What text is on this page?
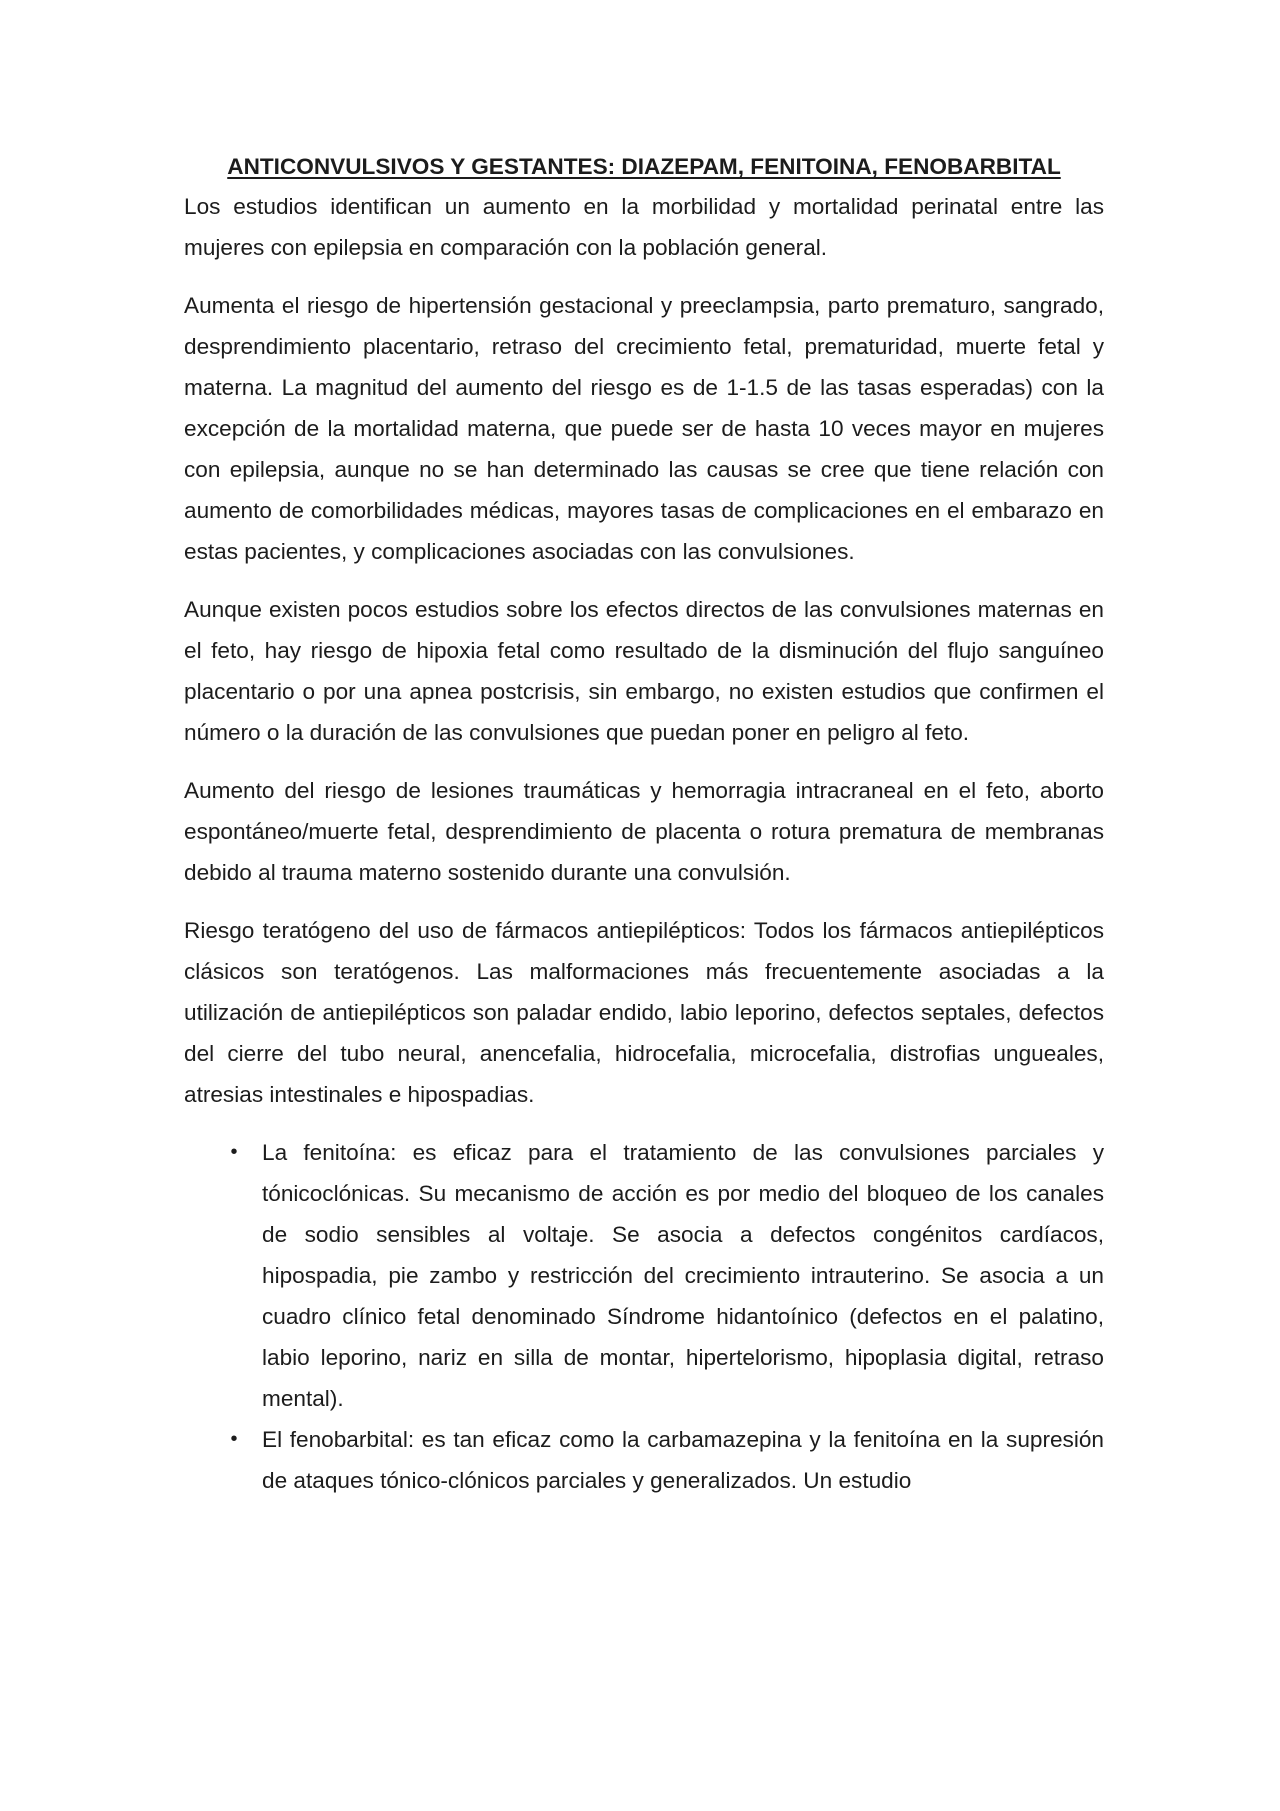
ANTICONVULSIVOS Y GESTANTES: DIAZEPAM, FENITOINA, FENOBARBITAL

Los estudios identifican un aumento en la morbilidad y mortalidad perinatal entre las mujeres con epilepsia en comparación con la población general.

Aumenta el riesgo de hipertensión gestacional y preeclampsia, parto prematuro, sangrado, desprendimiento placentario, retraso del crecimiento fetal, prematuridad, muerte fetal y materna. La magnitud del aumento del riesgo es de 1-1.5 de las tasas esperadas) con la excepción de la mortalidad materna, que puede ser de hasta 10 veces mayor en mujeres con epilepsia, aunque no se han determinado las causas se cree que tiene relación con aumento de comorbilidades médicas, mayores tasas de complicaciones en el embarazo en estas pacientes, y complicaciones asociadas con las convulsiones.

Aunque existen pocos estudios sobre los efectos directos de las convulsiones maternas en el feto, hay riesgo de hipoxia fetal como resultado de la disminución del flujo sanguíneo placentario o por una apnea postcrisis, sin embargo, no existen estudios que confirmen el número o la duración de las convulsiones que puedan poner en peligro al feto.

Aumento del riesgo de lesiones traumáticas y hemorragia intracraneal en el feto, aborto espontáneo/muerte fetal, desprendimiento de placenta o rotura prematura de membranas debido al trauma materno sostenido durante una convulsión.

Riesgo teratógeno del uso de fármacos antiepilépticos: Todos los fármacos antiepilépticos clásicos son teratógenos. Las malformaciones más frecuentemente asociadas a la utilización de antiepilépticos son paladar endido, labio leporino, defectos septales, defectos del cierre del tubo neural, anencefalia, hidrocefalia, microcefalia, distrofias ungueales, atresias intestinales e hipospadias.

• La fenitoína: es eficaz para el tratamiento de las convulsiones parciales y tónicoclónicas. Su mecanismo de acción es por medio del bloqueo de los canales de sodio sensibles al voltaje. Se asocia a defectos congénitos cardíacos, hipospadia, pie zambo y restricción del crecimiento intrauterino. Se asocia a un cuadro clínico fetal denominado Síndrome hidantoínico (defectos en el palatino, labio leporino, nariz en silla de montar, hipertelorismo, hipoplasia digital, retraso mental).
• El fenobarbital: es tan eficaz como la carbamazepina y la fenitoína en la supresión de ataques tónico-clónicos parciales y generalizados. Un estudio
